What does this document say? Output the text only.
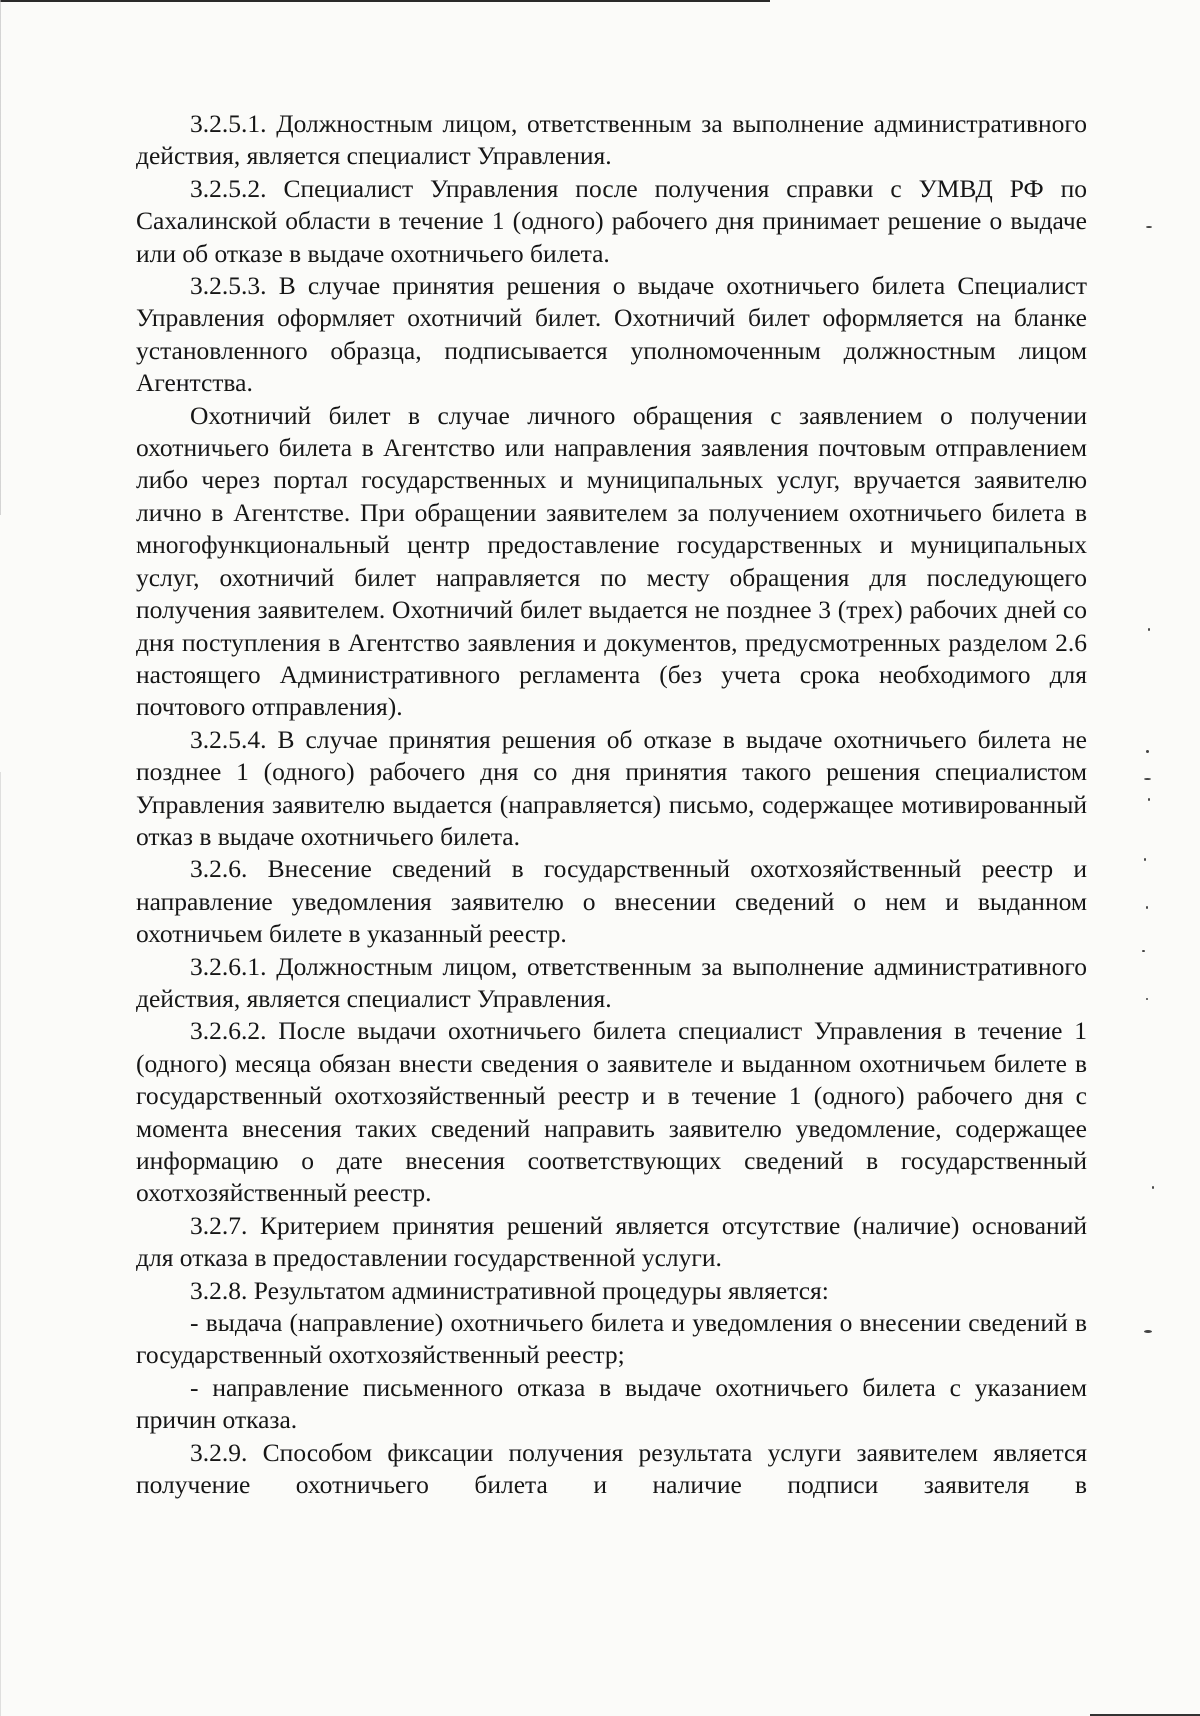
3.2.5.1. Должностным лицом, ответственным за выполнение административного действия, является специалист Управления.

3.2.5.2. Специалист Управления после получения справки с УМВД РФ по Сахалинской области в течение 1 (одного) рабочего дня принимает решение о выдаче или об отказе в выдаче охотничьего билета.

3.2.5.3. В случае принятия решения о выдаче охотничьего билета Специалист Управления оформляет охотничий билет. Охотничий билет оформляется на бланке установленного образца, подписывается уполномоченным должностным лицом Агентства.

Охотничий билет в случае личного обращения с заявлением о получении охотничьего билета в Агентство или направления заявления почтовым отправлением либо через портал государственных и муниципальных услуг, вручается заявителю лично в Агентстве. При обращении заявителем за получением охотничьего билета в многофункциональный центр предоставление государственных и муниципальных услуг, охотничий билет направляется по месту обращения для последующего получения заявителем. Охотничий билет выдается не позднее 3 (трех) рабочих дней со дня поступления в Агентство заявления и документов, предусмотренных разделом 2.6 настоящего Административного регламента (без учета срока необходимого для почтового отправления).

3.2.5.4. В случае принятия решения об отказе в выдаче охотничьего билета не позднее 1 (одного) рабочего дня со дня принятия такого решения специалистом Управления заявителю выдается (направляется) письмо, содержащее мотивированный отказ в выдаче охотничьего билета.

3.2.6. Внесение сведений в государственный охотхозяйственный реестр и направление уведомления заявителю о внесении сведений о нем и выданном охотничьем билете в указанный реестр.

3.2.6.1. Должностным лицом, ответственным за выполнение административного действия, является специалист Управления.

3.2.6.2. После выдачи охотничьего билета специалист Управления в течение 1 (одного) месяца обязан внести сведения о заявителе и выданном охотничьем билете в государственный охотхозяйственный реестр и в течение 1 (одного) рабочего дня с момента внесения таких сведений направить заявителю уведомление, содержащее информацию о дате внесения соответствующих сведений в государственный охотхозяйственный реестр.

3.2.7. Критерием принятия решений является отсутствие (наличие) оснований для отказа в предоставлении государственной услуги.

3.2.8. Результатом административной процедуры является:

- выдача (направление) охотничьего билета и уведомления о внесении сведений в государственный охотхозяйственный реестр;

- направление письменного отказа в выдаче охотничьего билета с указанием причин отказа.

3.2.9. Способом фиксации получения результата услуги заявителем является получение охотничьего билета и наличие подписи заявителя в
